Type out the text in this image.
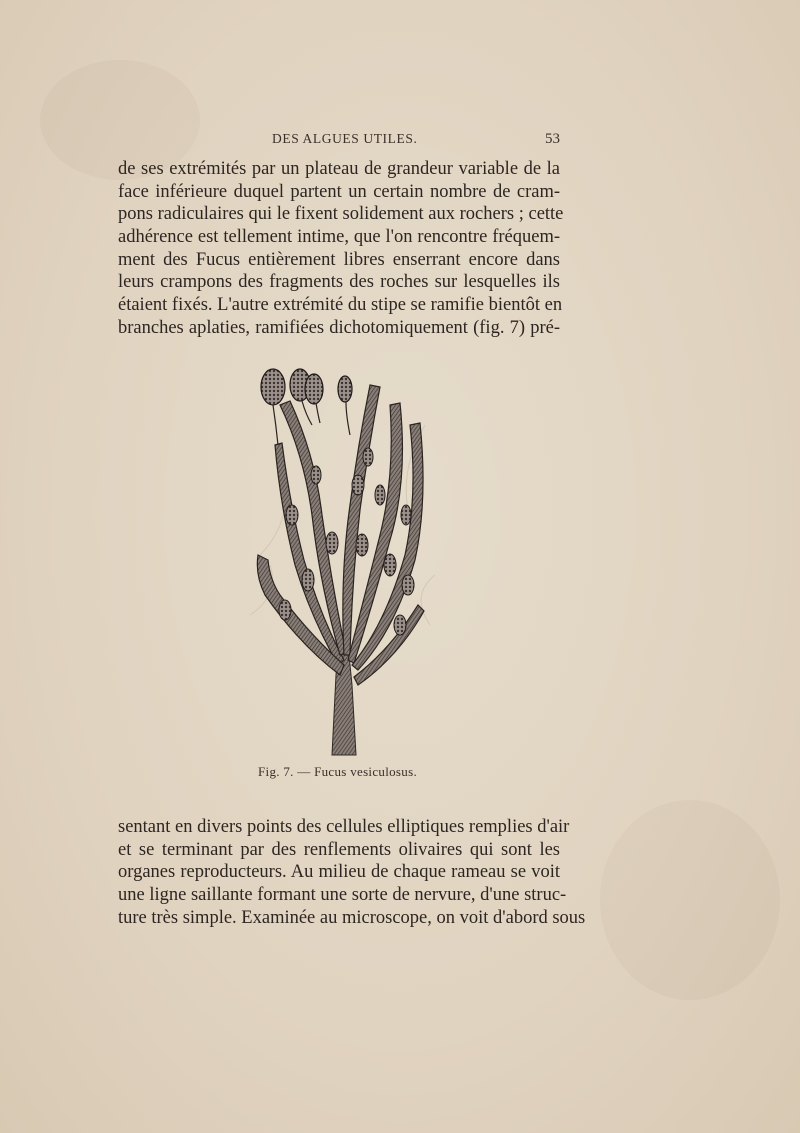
DES ALGUES UTILES.	53
de ses extrémités par un plateau de grandeur variable de la
face inférieure duquel partent un certain nombre de cram-
pons radiculaires qui le fixent solidement aux rochers ; cette
adhérence est tellement intime, que l'on rencontre fréquem-
ment des Fucus entièrement libres enserrant encore dans
leurs crampons des fragments des roches sur lesquelles ils
étaient fixés. L'autre extrémité du stipe se ramifie bientôt en
branches aplaties, ramifiées dichotomiquement (fig. 7) pré-
Fig. 7. — Fucus vesiculosus.
sentant en divers points des cellules elliptiques remplies d'air
et se terminant par des renflements olivaires qui sont les
organes reproducteurs. Au milieu de chaque rameau se voit
une ligne saillante formant une sorte de nervure, d'une struc-
ture très simple. Examinée au microscope, on voit d'abord sous
